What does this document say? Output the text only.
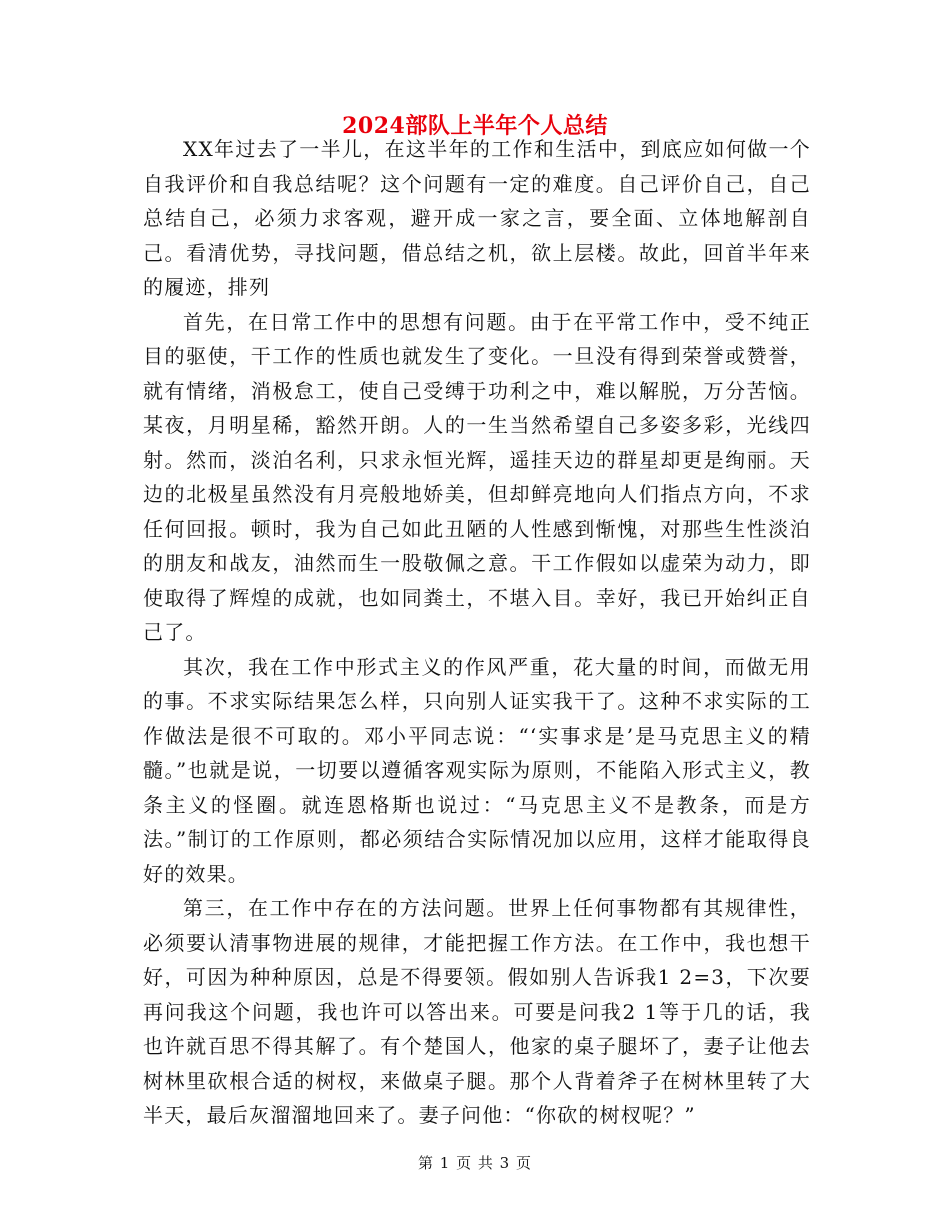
2024部队上半年个人总结

XX年过去了一半儿，在这半年的工作和生活中，到底应如何做一个自我评价和自我总结呢？这个问题有一定的难度。自己评价自己，自己总结自己，必须力求客观，避开成一家之言，要全面、立体地解剖自己。看清优势，寻找问题，借总结之机，欲上层楼。故此，回首半年来的履迹，排列

首先，在日常工作中的思想有问题。由于在平常工作中，受不纯正目的驱使，干工作的性质也就发生了变化。一旦没有得到荣誉或赞誉，就有情绪，消极怠工，使自己受缚于功利之中，难以解脱，万分苦恼。某夜，月明星稀，豁然开朗。人的一生当然希望自己多姿多彩，光线四射。然而，淡泊名利，只求永恒光辉，遥挂天边的群星却更是绚丽。天边的北极星虽然没有月亮般地娇美，但却鲜亮地向人们指点方向，不求任何回报。顿时，我为自己如此丑陋的人性感到惭愧，对那些生性淡泊的朋友和战友，油然而生一股敬佩之意。干工作假如以虚荣为动力，即使取得了辉煌的成就，也如同粪土，不堪入目。幸好，我已开始纠正自己了。

其次，我在工作中形式主义的作风严重，花大量的时间，而做无用的事。不求实际结果怎么样，只向别人证实我干了。这种不求实际的工作做法是很不可取的。邓小平同志说：“‘实事求是’是马克思主义的精髓。”也就是说，一切要以遵循客观实际为原则，不能陷入形式主义，教条主义的怪圈。就连恩格斯也说过：“马克思主义不是教条，而是方法。”制订的工作原则，都必须结合实际情况加以应用，这样才能取得良好的效果。

第三，在工作中存在的方法问题。世界上任何事物都有其规律性，必须要认清事物进展的规律，才能把握工作方法。在工作中，我也想干好，可因为种种原因，总是不得要领。假如别人告诉我1 2=3，下次要再问我这个问题，我也许可以答出来。可要是问我2 1等于几的话，我也许就百思不得其解了。有个楚国人，他家的桌子腿坏了，妻子让他去树林里砍根合适的树杈，来做桌子腿。那个人背着斧子在树林里转了大半天，最后灰溜溜地回来了。妻子问他：“你砍的树杈呢？”

第 1 页 共 3 页
